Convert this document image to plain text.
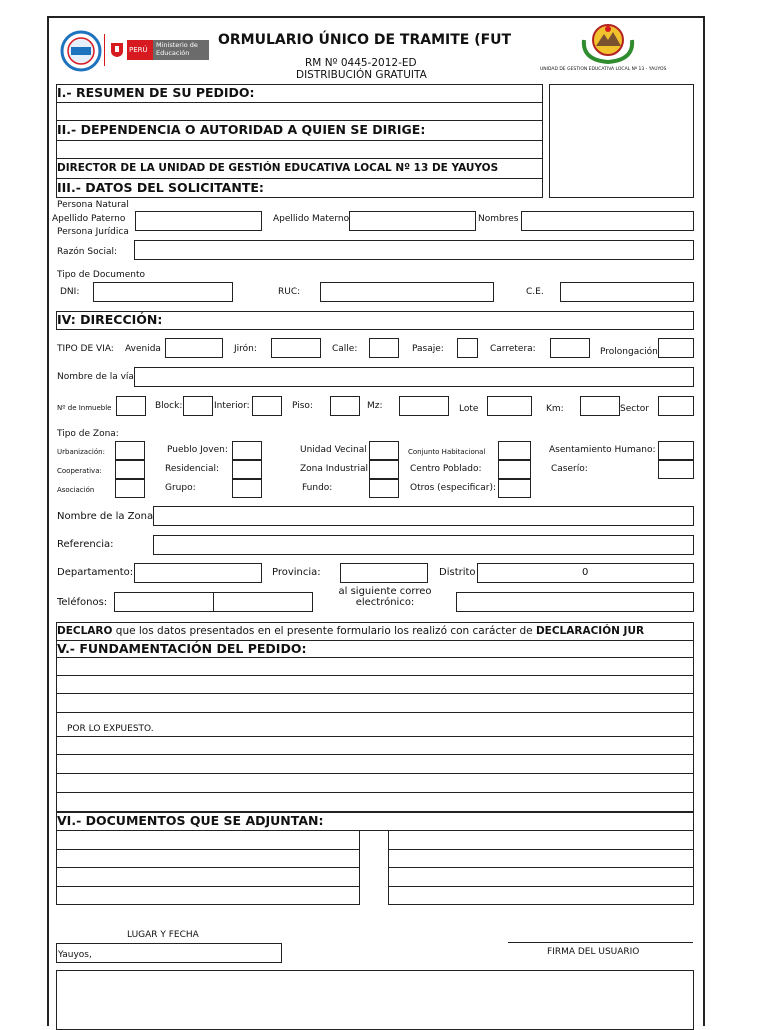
PERÚ
Ministerio de Educación
ORMULARIO ÚNICO DE TRAMITE (FUT
RM Nº 0445-2012-ED
DISTRIBUCIÓN GRATUITA	UNIDAD DE GESTION EDUCATIVA LOCAL Nº 13 - YAUYOS
I.- RESUMEN DE SU PEDIDO:
II.- DEPENDENCIA O AUTORIDAD A QUIEN SE DIRIGE:
DIRECTOR DE LA UNIDAD DE GESTIÓN EDUCATIVA LOCAL Nº 13 DE YAUYOS
III.- DATOS DEL SOLICITANTE:
Persona Natural
Apellido Paterno	Apellido Materno	Nombres
Persona Jurídica
Razón Social:
Tipo de Documento
DNI:	RUC:	C.E.
IV: DIRECCIÓN:
TIPO DE VIA: Avenida	Jirón:	Calle:	Pasaje:	Carretera:	Prolongación
Nombre de la vía
Nº de Inmueble	Block:	Interior:	Piso:	Mz:	Lote	Km:	Sector
Tipo de Zona:
Urbanización:	Pueblo Joven:	Unidad Vecinal	Conjunto Habitacional	Asentamiento Humano:
Cooperativa:	Residencial:	Zona Industrial	Centro Poblado:	Caserío:
Asociación	Grupo:	Fundo:	Otros (especificar):
Nombre de la Zona
Referencia:
Departamento:	Provincia:	Distrito	0
Teléfonos:
al siguiente correo electrónico:
DECLARO que los datos presentados en el presente formulario los realizó con carácter de DECLARACIÓN JUR
V.- FUNDAMENTACIÓN DEL PEDIDO:
POR LO EXPUESTO.
VI.- DOCUMENTOS QUE SE ADJUNTAN:
LUGAR Y FECHA
Yauyos,	FIRMA DEL USUARIO
